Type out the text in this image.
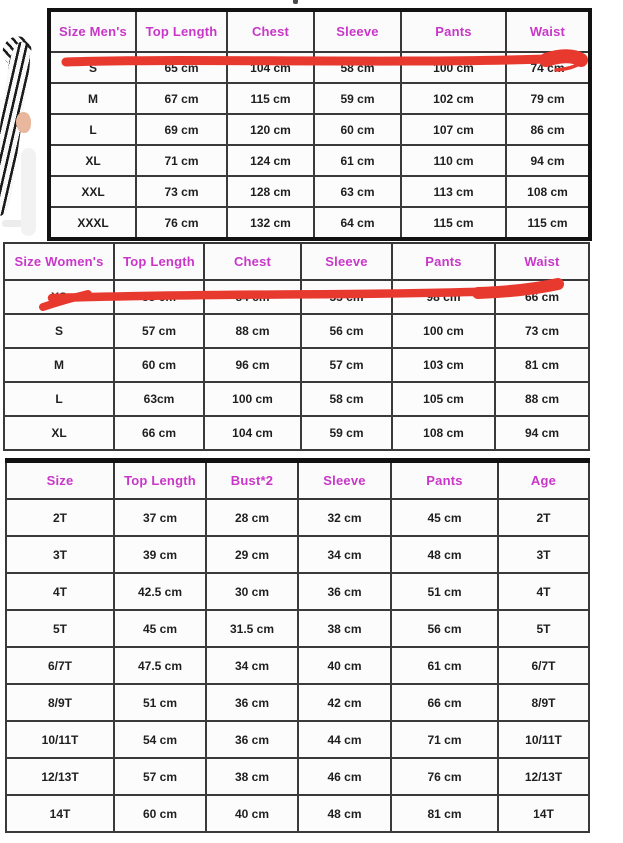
Size Men's	Top Length	Chest	Sleeve	Pants	Waist
S	65 cm	104 cm	58 cm	100 cm	74 cm
M	67 cm	115 cm	59 cm	102 cm	79 cm
L	69 cm	120 cm	60 cm	107 cm	86 cm
XL	71 cm	124 cm	61 cm	110 cm	94 cm
XXL	73 cm	128 cm	63 cm	113 cm	108 cm
XXXL	76 cm	132 cm	64 cm	115 cm	115 cm
Size Women's	Top Length	Chest	Sleeve	Pants	Waist
XS	55 cm	84 cm	55 cm	98 cm	66 cm
S	57 cm	88 cm	56 cm	100 cm	73 cm
M	60 cm	96 cm	57 cm	103 cm	81 cm
L	63cm	100 cm	58 cm	105 cm	88 cm
XL	66 cm	104 cm	59 cm	108 cm	94 cm
Size	Top Length	Bust*2	Sleeve	Pants	Age
2T	37 cm	28 cm	32 cm	45 cm	2T
3T	39 cm	29 cm	34 cm	48 cm	3T
4T	42.5 cm	30 cm	36 cm	51 cm	4T
5T	45 cm	31.5 cm	38 cm	56 cm	5T
6/7T	47.5 cm	34 cm	40 cm	61 cm	6/7T
8/9T	51 cm	36 cm	42 cm	66 cm	8/9T
10/11T	54 cm	36 cm	44 cm	71 cm	10/11T
12/13T	57 cm	38 cm	46 cm	76 cm	12/13T
14T	60 cm	40 cm	48 cm	81 cm	14T
